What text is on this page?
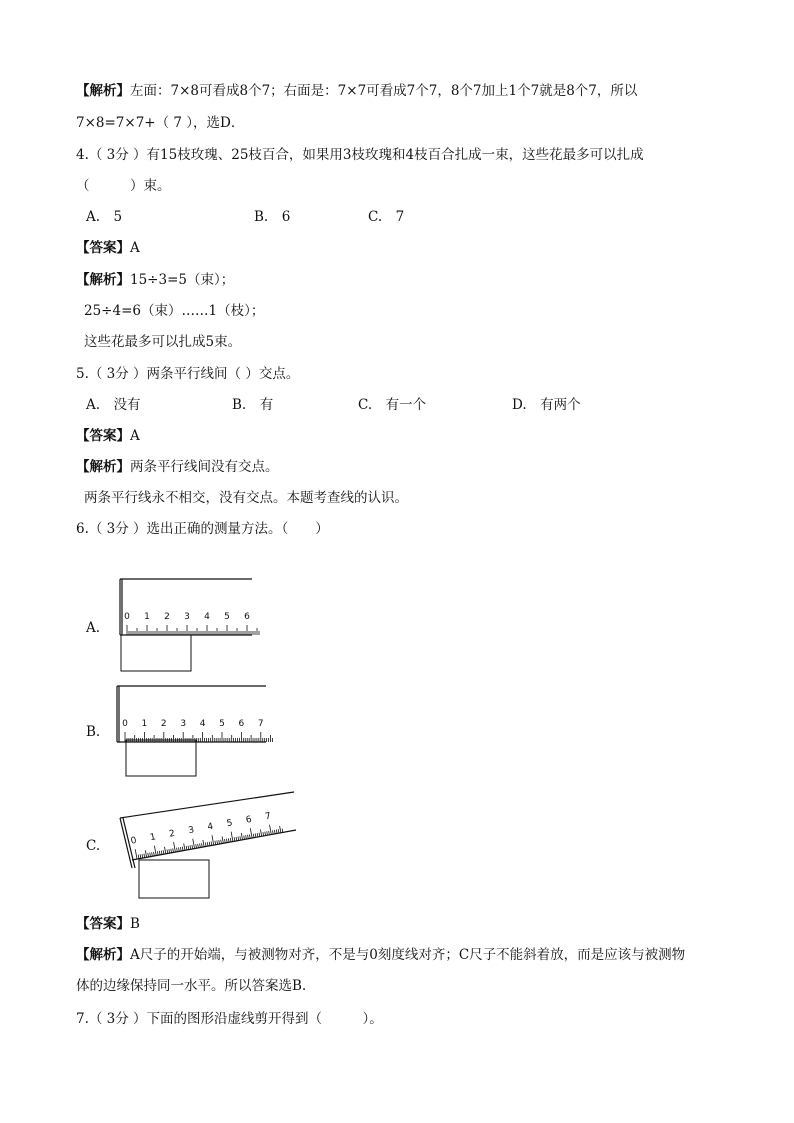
【解析】左面：7×8可看成8个7；右面是：7×7可看成7个7，8个7加上1个7就是8个7，所以
7×8=7×7+（ 7 ），选D．
4.（ 3分 ）有15枝玫瑰、25枝百合，如果用3枝玫瑰和4枝百合扎成一束，这些花最多可以扎成
（　　　）束。
A.　5	B.　6	C.　7
【答案】A
【解析】15÷3=5（束）；
25÷4=6（束）……1（枝）；
这些花最多可以扎成5束。
5.（ 3分 ）两条平行线间（ ）交点。
A.　没有	B.　有	C.　有一个	D.　有两个
【答案】A
【解析】两条平行线间没有交点。
两条平行线永不相交，没有交点。本题考查线的认识。
6.（ 3分 ）选出正确的测量方法。（　　）
A.
B.
C.
0 1 2 3 4 5 6
0 1 2 3 4 5 6 7
0 1 2 3 4 5 6 7
【答案】B
【解析】A尺子的开始端，与被测物对齐，不是与0刻度线对齐；C尺子不能斜着放，而是应该与被测物
体的边缘保持同一水平。所以答案选B.
7.（ 3分 ）下面的图形沿虚线剪开得到（　　　）。
